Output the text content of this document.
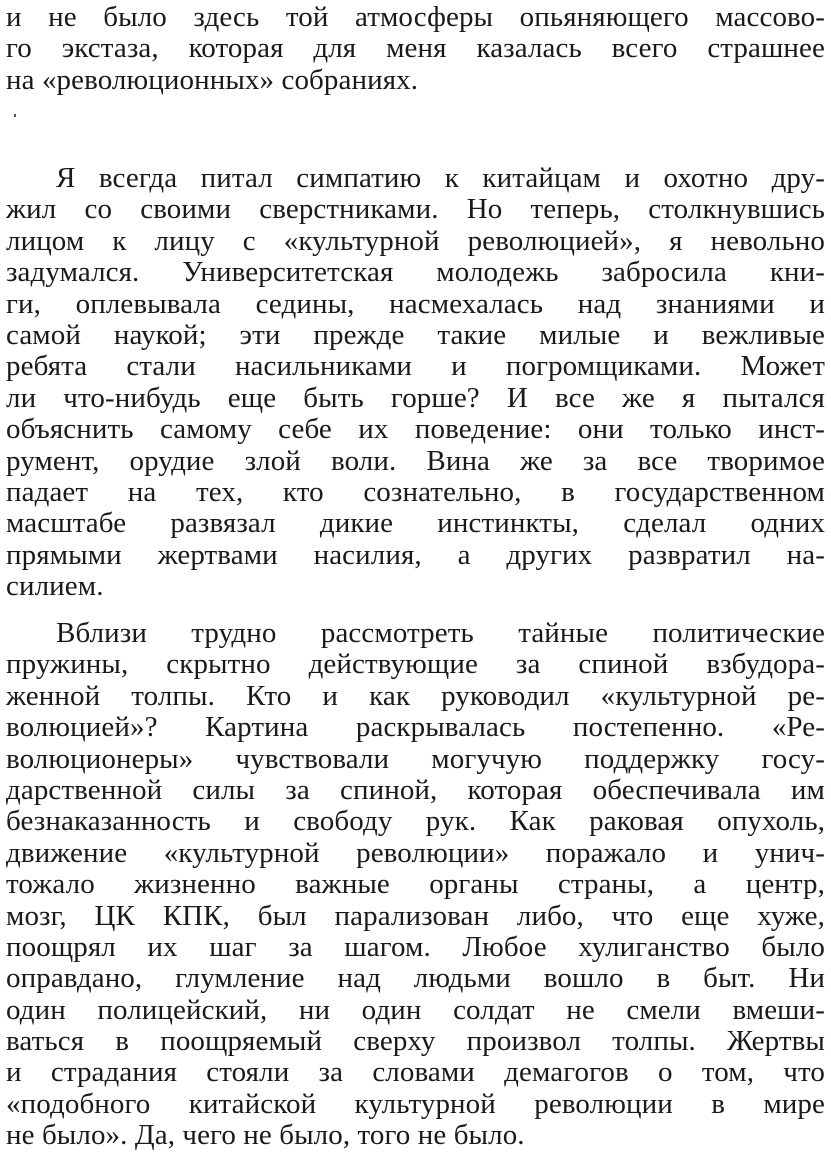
и не было здесь той атмосферы опьяняющего массово-
го экстаза, которая для меня казалась всего страшнее
на «революционных» собраниях.
Я всегда питал симпатию к китайцам и охотно дру-
жил со своими сверстниками. Но теперь, столкнувшись
лицом к лицу с «культурной революцией», я невольно
задумался. Университетская молодежь забросила кни-
ги, оплевывала седины, насмехалась над знаниями и
самой наукой; эти прежде такие милые и вежливые
ребята стали насильниками и погромщиками. Может
ли что-нибудь еще быть горше? И все же я пытался
объяснить самому себе их поведение: они только инст-
румент, орудие злой воли. Вина же за все творимое
падает на тех, кто сознательно, в государственном
масштабе развязал дикие инстинкты, сделал одних
прямыми жертвами насилия, а других развратил на-
силием.
Вблизи трудно рассмотреть тайные политические
пружины, скрытно действующие за спиной взбудора-
женной толпы. Кто и как руководил «культурной ре-
волюцией»? Картина раскрывалась постепенно. «Ре-
волюционеры» чувствовали могучую поддержку госу-
дарственной силы за спиной, которая обеспечивала им
безнаказанность и свободу рук. Как раковая опухоль,
движение «культурной революции» поражало и унич-
тожало жизненно важные органы страны, а центр,
мозг, ЦК КПК, был парализован либо, что еще хуже,
поощрял их шаг за шагом. Любое хулиганство было
оправдано, глумление над людьми вошло в быт. Ни
один полицейский, ни один солдат не смели вмеши-
ваться в поощряемый сверху произвол толпы. Жертвы
и страдания стояли за словами демагогов о том, что
«подобного китайской культурной революции в мире
не было». Да, чего не было, того не было.
